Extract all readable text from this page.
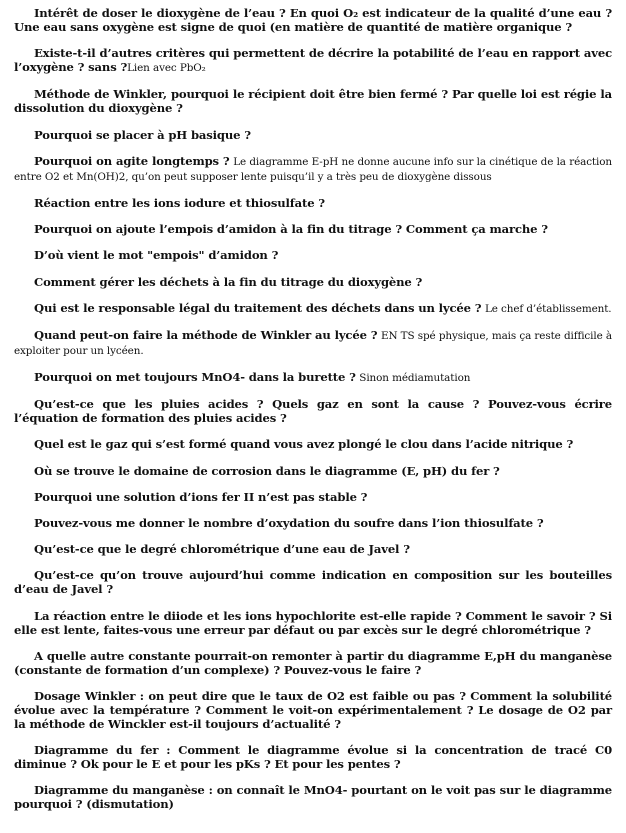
Intérêt de doser le dioxygène de l’eau ? En quoi O₂ est indicateur de la qualité d’une eau ? Une eau sans oxygène est signe de quoi (en matière de quantité de matière organique ?

Existe-t-il d’autres critères qui permettent de décrire la potabilité de l’eau en rapport avec l’oxygène ? sans ?Lien avec PbO₂

Méthode de Winkler, pourquoi le récipient doit être bien fermé ? Par quelle loi est régie la dissolution du dioxygène ?

Pourquoi se placer à pH basique ?

Pourquoi on agite longtemps ? Le diagramme E-pH ne donne aucune info sur la cinétique de la réaction entre O2 et Mn(OH)2, qu’on peut supposer lente puisqu’il y a très peu de dioxygène dissous

Réaction entre les ions iodure et thiosulfate ?

Pourquoi on ajoute l’empois d’amidon à la fin du titrage ? Comment ça marche ?

D’où vient le mot "empois" d’amidon ?

Comment gérer les déchets à la fin du titrage du dioxygène ?

Qui est le responsable légal du traitement des déchets dans un lycée ? Le chef d’établissement.

Quand peut-on faire la méthode de Winkler au lycée ? EN TS spé physique, mais ça reste difficile à exploiter pour un lycéen.

Pourquoi on met toujours MnO4- dans la burette ? Sinon médiamutation

Qu’est-ce que les pluies acides ? Quels gaz en sont la cause ? Pouvez-vous écrire l’équation de formation des pluies acides ?

Quel est le gaz qui s’est formé quand vous avez plongé le clou dans l’acide nitrique ?

Où se trouve le domaine de corrosion dans le diagramme (E, pH) du fer ?

Pourquoi une solution d’ions fer II n’est pas stable ?

Pouvez-vous me donner le nombre d’oxydation du soufre dans l’ion thiosulfate ?

Qu’est-ce que le degré chlorométrique d’une eau de Javel ?

Qu’est-ce qu’on trouve aujourd’hui comme indication en composition sur les bouteilles d’eau de Javel ?

La réaction entre le diiode et les ions hypochlorite est-elle rapide ? Comment le savoir ? Si elle est lente, faites-vous une erreur par défaut ou par excès sur le degré chlorométrique ?

A quelle autre constante pourrait-on remonter à partir du diagramme E,pH du manganèse (constante de formation d’un complexe) ? Pouvez-vous le faire ?

Dosage Winkler : on peut dire que le taux de O2 est faible ou pas ? Comment la solubilité évolue avec la température ? Comment le voit-on expérimentalement ? Le dosage de O2 par la méthode de Winckler est-il toujours d’actualité ?

Diagramme du fer : Comment le diagramme évolue si la concentration de tracé C0 diminue ? Ok pour le E et pour les pKs ? Et pour les pentes ?

Diagramme du manganèse : on connaît le MnO4- pourtant on le voit pas sur le diagramme pourquoi ? (dismutation)
